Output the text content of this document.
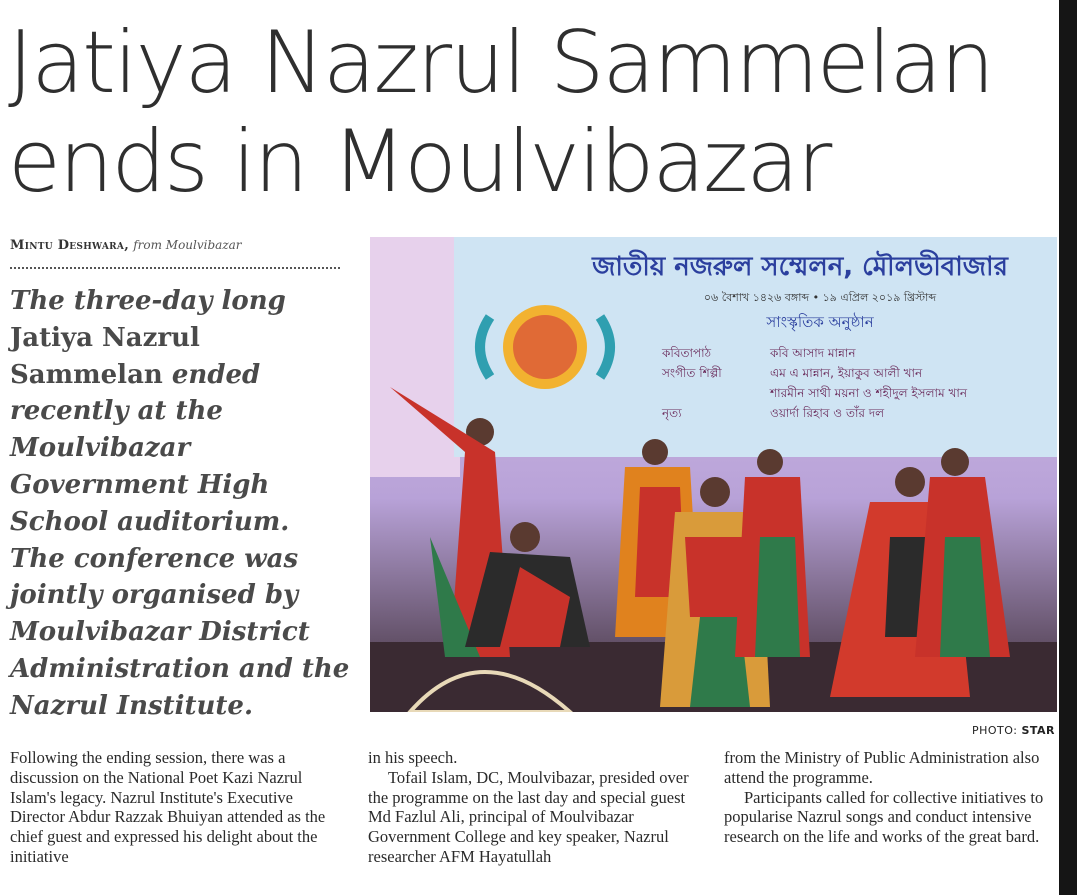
Jatiya Nazrul Sammelan
ends in Moulvibazar
Mintu Deshwara, from Moulvibazar

The three-day long Jatiya Nazrul Sammelan ended recently at the Moulvibazar Government High School auditorium. The conference was jointly organised by Moulvibazar District Administration and the Nazrul Institute.

জাতীয় নজরুল সম্মেলন, মৌলভীবাজার
০৬ বৈশাখ ১৪২৬ বঙ্গাব্দ • ১৯ এপ্রিল ২০১৯ খ্রিস্টাব্দ
সাংস্কৃতিক অনুষ্ঠান
কবিতাপাঠ	কবি আসাদ মান্নান
সংগীত শিল্পী	এম এ মান্নান, ইয়াকুব আলী খান
শারমীন সাথী ময়না ও শহীদুল ইসলাম খান
নৃত্য	ওয়ার্দা রিহাব ও তাঁর দল
PHOTO: STAR

Following the ending session, there was a discussion on the National Poet Kazi Nazrul Islam's legacy. Nazrul Institute's Executive Director Abdur Razzak Bhuiyan attended as the chief guest and expressed his delight about the initiative

in his speech.

Tofail Islam, DC, Moulvibazar, presided over the programme on the last day and special guest Md Fazlul Ali, principal of Moulvibazar Government College and key speaker, Nazrul researcher AFM Hayatullah

from the Ministry of Public Administration also attend the programme.

Participants called for collective initiatives to popularise Nazrul songs and conduct intensive research on the life and works of the great bard.
